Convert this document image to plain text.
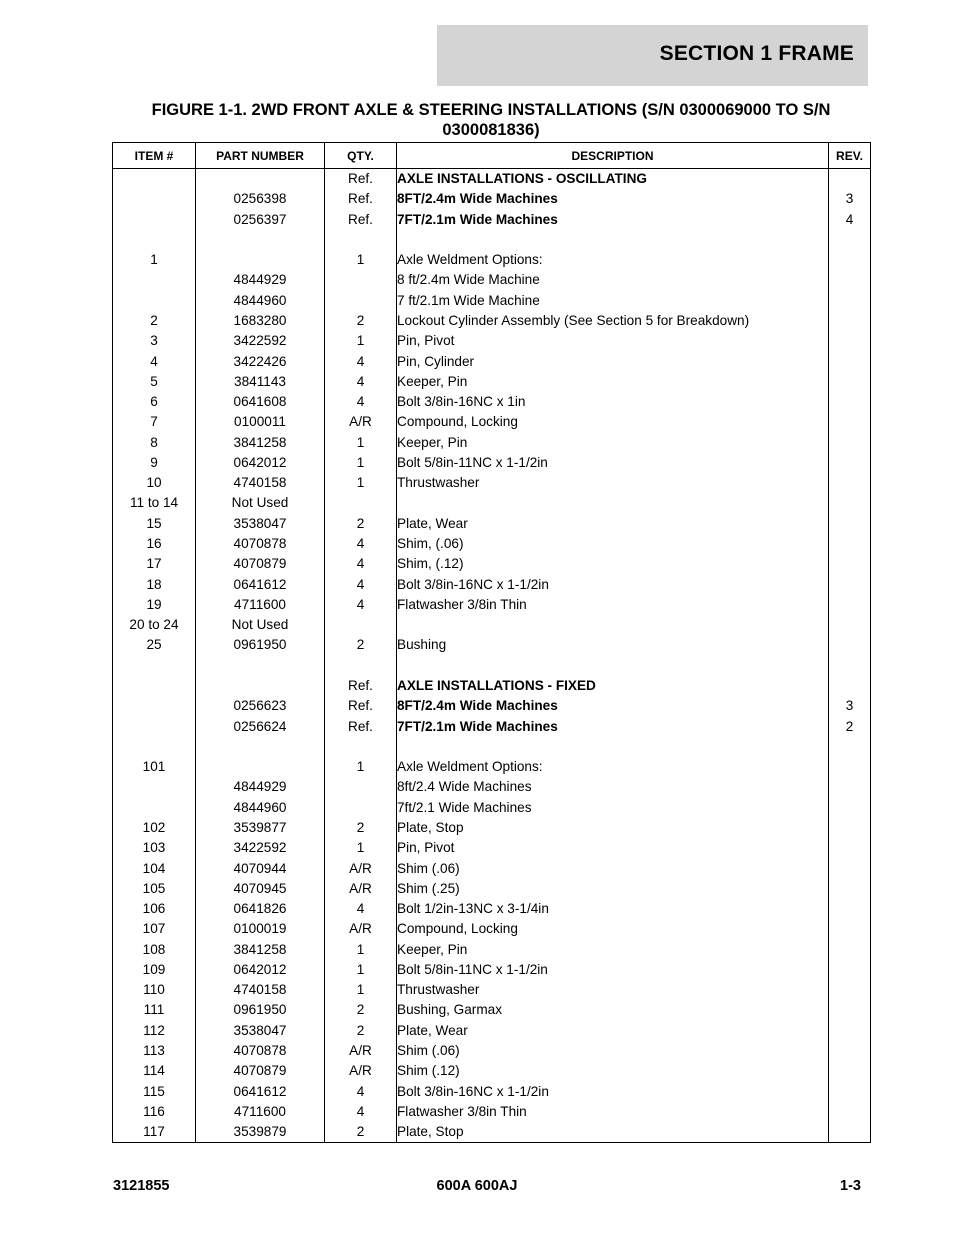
SECTION 1 FRAME
FIGURE 1-1. 2WD FRONT AXLE & STEERING INSTALLATIONS (S/N 0300069000 TO S/N 0300081836)
ITEM #	PART NUMBER	QTY.	DESCRIPTION	REV.
		Ref.	AXLE INSTALLATIONS - OSCILLATING	
	0256398	Ref.	8FT/2.4m Wide Machines	3
	0256397	Ref.	7FT/2.1m Wide Machines	4

1		1	Axle Weldment Options:	
	4844929		8 ft/2.4m Wide Machine	
	4844960		7 ft/2.1m Wide Machine	
2	1683280	2	Lockout Cylinder Assembly (See Section 5 for Breakdown)	
3	3422592	1	Pin, Pivot	
4	3422426	4	Pin, Cylinder	
5	3841143	4	Keeper, Pin	
6	0641608	4	Bolt 3/8in-16NC x 1in	
7	0100011	A/R	Compound, Locking	
8	3841258	1	Keeper, Pin	
9	0642012	1	Bolt 5/8in-11NC x 1-1/2in	
10	4740158	1	Thrustwasher	
11 to 14	Not Used			
15	3538047	2	Plate, Wear	
16	4070878	4	Shim, (.06)	
17	4070879	4	Shim, (.12)	
18	0641612	4	Bolt 3/8in-16NC x 1-1/2in	
19	4711600	4	Flatwasher 3/8in Thin	
20 to 24	Not Used			
25	0961950	2	Bushing	

		Ref.	AXLE INSTALLATIONS - FIXED	
	0256623	Ref.	8FT/2.4m Wide Machines	3
	0256624	Ref.	7FT/2.1m Wide Machines	2

101		1	Axle Weldment Options:	
	4844929		8ft/2.4 Wide Machines	
	4844960		7ft/2.1 Wide Machines	
102	3539877	2	Plate, Stop	
103	3422592	1	Pin, Pivot	
104	4070944	A/R	Shim (.06)	
105	4070945	A/R	Shim (.25)	
106	0641826	4	Bolt 1/2in-13NC x 3-1/4in	
107	0100019	A/R	Compound, Locking	
108	3841258	1	Keeper, Pin	
109	0642012	1	Bolt 5/8in-11NC x 1-1/2in	
110	4740158	1	Thrustwasher	
111	0961950	2	Bushing, Garmax	
112	3538047	2	Plate, Wear	
113	4070878	A/R	Shim (.06)	
114	4070879	A/R	Shim (.12)	
115	0641612	4	Bolt 3/8in-16NC x 1-1/2in	
116	4711600	4	Flatwasher 3/8in Thin	
117	3539879	2	Plate, Stop	
3121855	600A 600AJ	1-3
